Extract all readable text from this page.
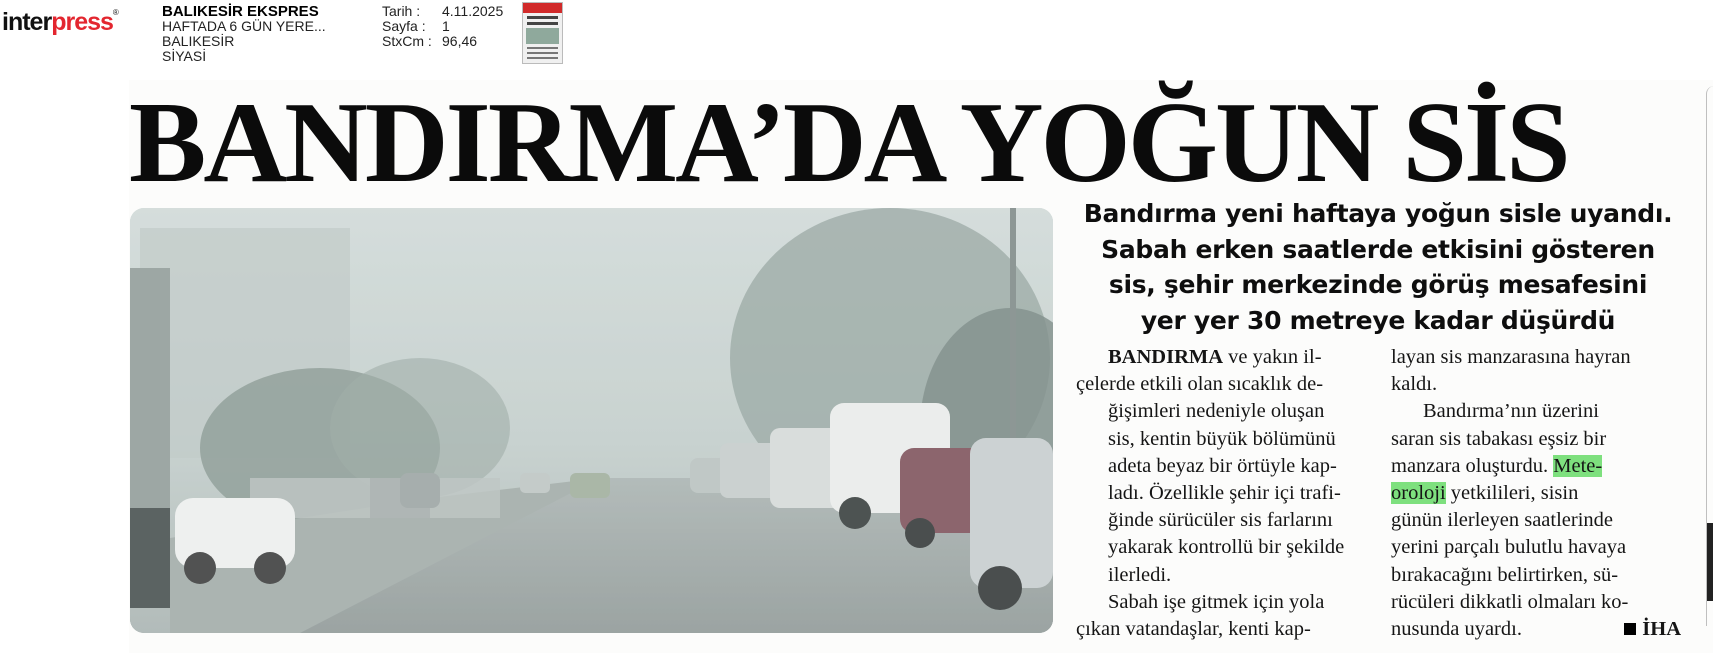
interpress®	BALIKESİR EKSPRES
HAFTADA 6 GÜN YERE...
BALIKESİR
SİYASİ
Tarih :
Sayfa :
StxCm :
4.11.2025
1
96,46
BANDIRMA’DA YOĞUN SİS
Bandırma yeni haftaya yoğun sisle uyandı.
Sabah erken saatlerde etkisini gösteren
sis, şehir merkezinde görüş mesafesini
yer yer 30 metreye kadar düşürdü

BANDIRMA ve yakın il-
çelerde etkili olan sıcaklık de-
ğişimleri nedeniyle oluşan
sis, kentin büyük bölümünü
adeta beyaz bir örtüyle kap-
ladı. Özellikle şehir içi trafi-
ğinde sürücüler sis farlarını
yakarak kontrollü bir şekilde
ilerledi.

Sabah işe gitmek için yola
çıkan vatandaşlar, kenti kap-

layan sis manzarasına hayran
kaldı.

Bandırma’nın üzerini
saran sis tabakası eşsiz bir
manzara oluşturdu. Mete-
oroloji yetkilileri, sisin
günün ilerleyen saatlerinde
yerini parçalı bulutlu havaya
bırakacağını belirtirken, sü-
rücüleri dikkatli olmaları ko-
nusunda uyardı.	İHA
